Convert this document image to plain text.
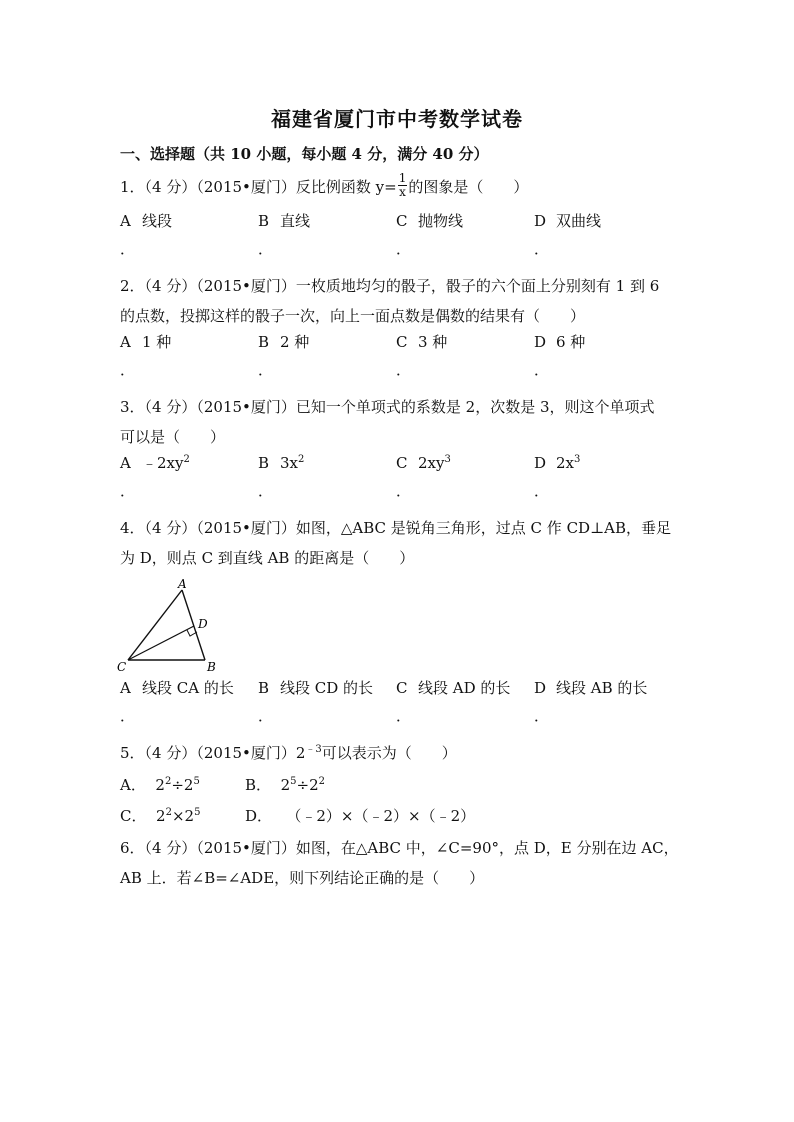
福建省厦门市中考数学试卷
一、选择题（共 10 小题，每小题 4 分，满分 40 分）
1．（4 分）（2015•厦门）反比例函数 $y= \frac{1}{x}$ 的图象是（　　）
A 线段	B 直线	C 抛物线	D 双曲线
．	．	．	．
2．（4 分）（2015•厦门）一枚质地均匀的骰子，骰子的六个面上分别刻有 1 到 6
的点数，投掷这样的骰子一次，向上一面点数是偶数的结果有（　　）
A 1 种	B 2 种	C 3 种	D 6 种
．	．	．	．
3．（4 分）（2015•厦门）已知一个单项式的系数是 2，次数是 3，则这个单项式
可以是（　　）
A $﹣2xy^2$	B $3x^2$	C $2xy^3$	D $2x^3$
．	．	．	．
4．（4 分）（2015•厦门）如图，△ABC 是锐角三角形，过点 C 作 CD⊥AB，垂足
为 D，则点 C 到直线 AB 的距离是（　　）
A
D
C	B
A 线段 CA 的长 B 线段 CD 的长 C 线段 AD 的长 D 线段 AB 的长
．	．	．	．
5．（4 分）（2015•厦门）$2^{﹣3}$可以表示为（　　）
A． $2^2\div 2^5$	B． $2^5\div 2^2$
C． $2^2\times 2^5$	D． （﹣2）×（﹣2）×（﹣2）
6．（4 分）（2015•厦门）如图，在△ABC 中，∠C=90°，点 D，E 分别在边 AC，
AB 上．若∠B=∠ADE，则下列结论正确的是（　　）
